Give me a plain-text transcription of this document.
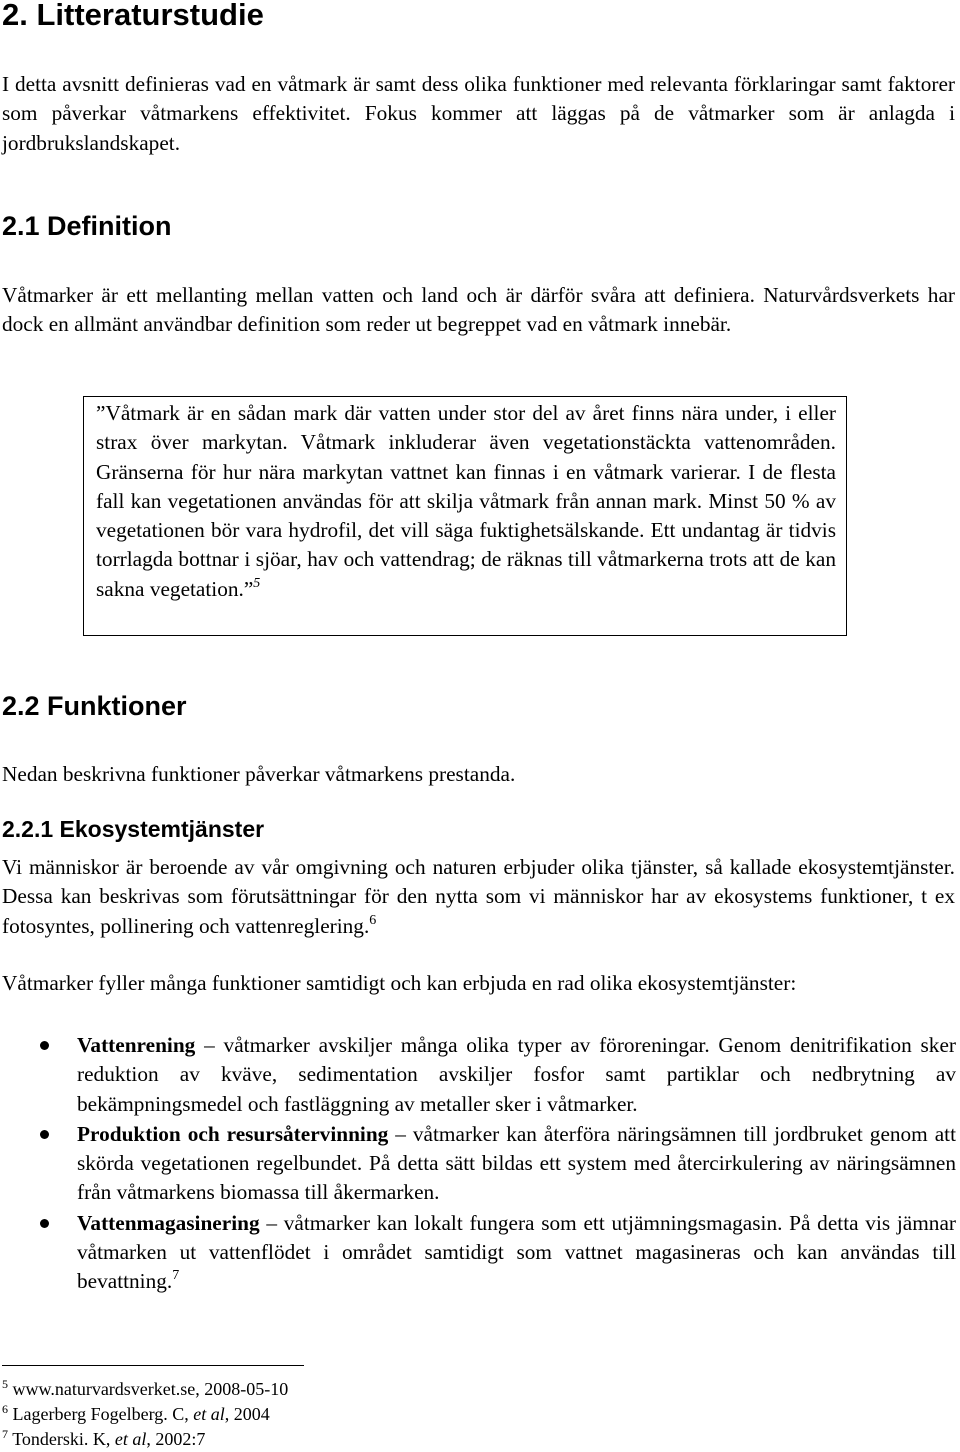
2. Litteraturstudie

I detta avsnitt definieras vad en våtmark är samt dess olika funktioner med relevanta förklaringar samt faktorer som påverkar våtmarkens effektivitet. Fokus kommer att läggas på de våtmarker som är anlagda i jordbrukslandskapet.

2.1 Definition

Våtmarker är ett mellanting mellan vatten och land och är därför svåra att definiera. Naturvårdsverkets har dock en allmänt användbar definition som reder ut begreppet vad en våtmark innebär.

”Våtmark är en sådan mark där vatten under stor del av året finns nära under, i eller strax över markytan. Våtmark inkluderar även vegetationstäckta vattenområden. Gränserna för hur nära markytan vattnet kan finnas i en våtmark varierar. I de flesta fall kan vegetationen användas för att skilja våtmark från annan mark. Minst 50 % av vegetationen bör vara hydrofil, det vill säga fuktighetsälskande. Ett undantag är tidvis torrlagda bottnar i sjöar, hav och vattendrag; de räknas till våtmarkerna trots att de kan sakna vegetation.”$^5$

2.2 Funktioner

Nedan beskrivna funktioner påverkar våtmarkens prestanda.

2.2.1 Ekosystemtjänster

Vi människor är beroende av vår omgivning och naturen erbjuder olika tjänster, så kallade ekosystemtjänster. Dessa kan beskrivas som förutsättningar för den nytta som vi människor har av ekosystems funktioner, t ex fotosyntes, pollinering och vattenreglering.$^6$

Våtmarker fyller många funktioner samtidigt och kan erbjuda en rad olika ekosystemtjänster:

Vattenrening – våtmarker avskiljer många olika typer av föroreningar. Genom denitrifikation sker reduktion av kväve, sedimentation avskiljer fosfor samt partiklar och nedbrytning av bekämpningsmedel och fastläggning av metaller sker i våtmarker.
Produktion och resursåtervinning – våtmarker kan återföra näringsämnen till jordbruket genom att skörda vegetationen regelbundet. På detta sätt bildas ett system med återcirkulering av näringsämnen från våtmarkens biomassa till åkermarken.
Vattenmagasinering – våtmarker kan lokalt fungera som ett utjämningsmagasin. På detta vis jämnar våtmarken ut vattenflödet i området samtidigt som vattnet magasineras och kan användas till bevattning.$^7$
$^5$ www.naturvardsverket.se, 2008-05-10
$^6$ Lagerberg Fogelberg. C, et al, 2004
$^7$ Tonderski. K, et al, 2002:7
